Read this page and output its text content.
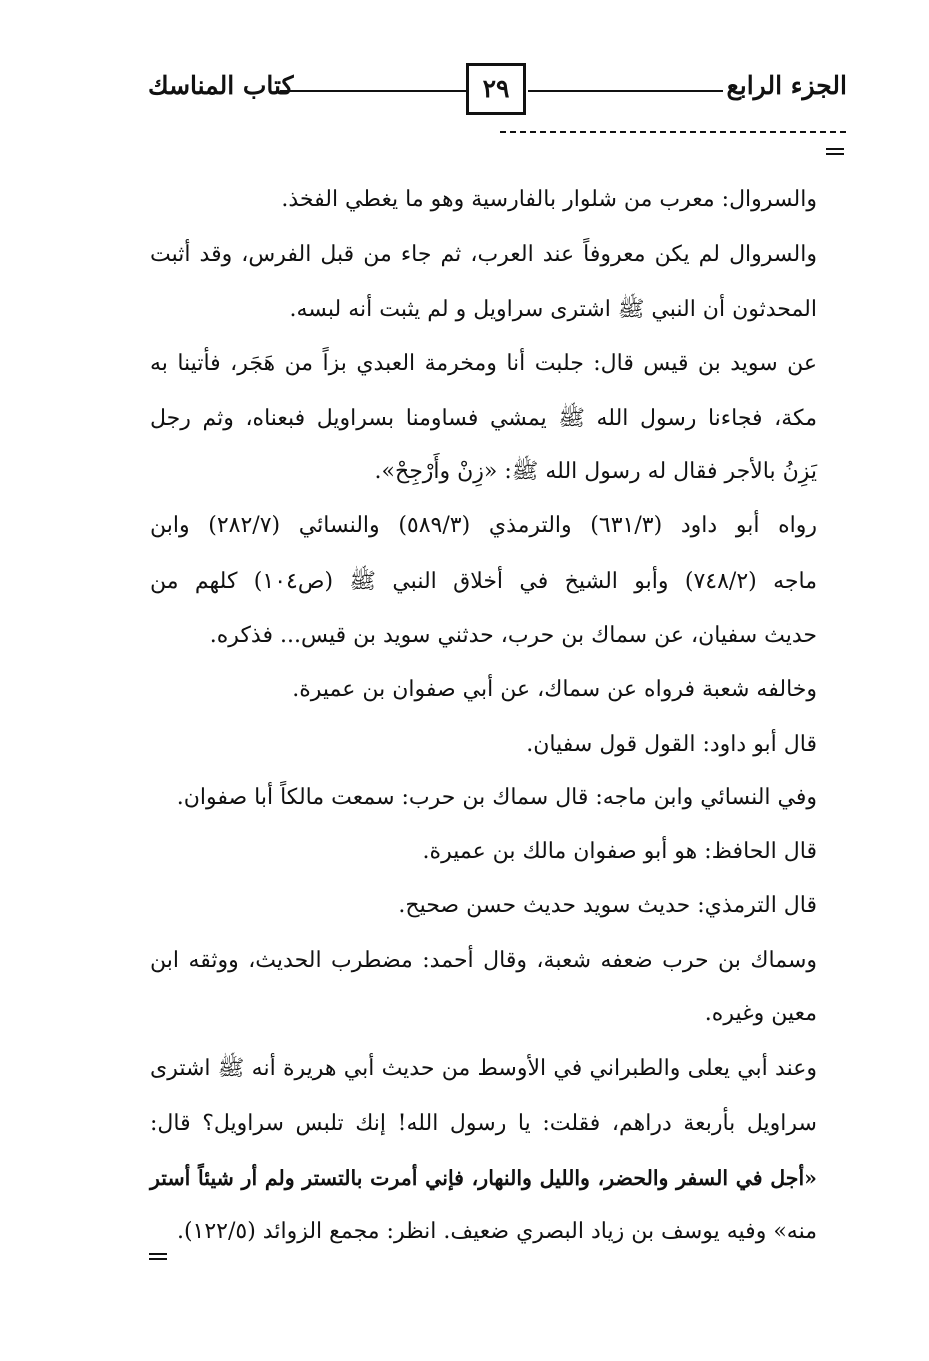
الجزء الرابع
٢٩
كتاب المناسك
والسروال: معرب من شلوار بالفارسية وهو ما يغطي الفخذ.
والسروال لم يكن معروفاً عند العرب، ثم جاء من قبل الفرس، وقد أثبت
المحدثون أن النبي ﷺ اشترى سراويل و لم يثبت أنه لبسه.
عن سويد بن قيس قال: جلبت أنا ومخرمة العبدي بزاً من هَجَر، فأتينا به
مكة، فجاءنا رسول الله ﷺ يمشي فساومنا بسراويل فبعناه، وثم رجل
يَزِنُ بالأجر فقال له رسول الله ﷺ: «زِنْ وأَرْجِحْ».
رواه أبو داود (٦٣١/٣) والترمذي (٥٨٩/٣) والنسائي (٢٨٢/٧) وابن
ماجه (٧٤٨/٢) وأبو الشيخ في أخلاق النبي ﷺ (ص١٠٤) كلهم من
حديث سفيان، عن سماك بن حرب، حدثني سويد بن قيس... فذكره.
وخالفه شعبة فرواه عن سماك، عن أبي صفوان بن عميرة.
قال أبو داود: القول قول سفيان.
وفي النسائي وابن ماجه: قال سماك بن حرب: سمعت مالكاً أبا صفوان.
قال الحافظ: هو أبو صفوان مالك بن عميرة.
قال الترمذي: حديث سويد حديث حسن صحيح.
وسماك بن حرب ضعفه شعبة، وقال أحمد: مضطرب الحديث، ووثقه ابن
معين وغيره.
وعند أبي يعلى والطبراني في الأوسط من حديث أبي هريرة أنه ﷺ اشترى
سراويل بأربعة دراهم، فقلت: يا رسول الله! إنك تلبس سراويل؟ قال:
«أجل في السفر والحضر، والليل والنهار، فإني أمرت بالتستر ولم أر شيئاً أستر
منه» وفيه يوسف بن زياد البصري ضعيف. انظر: مجمع الزوائد (١٢٢/٥).
